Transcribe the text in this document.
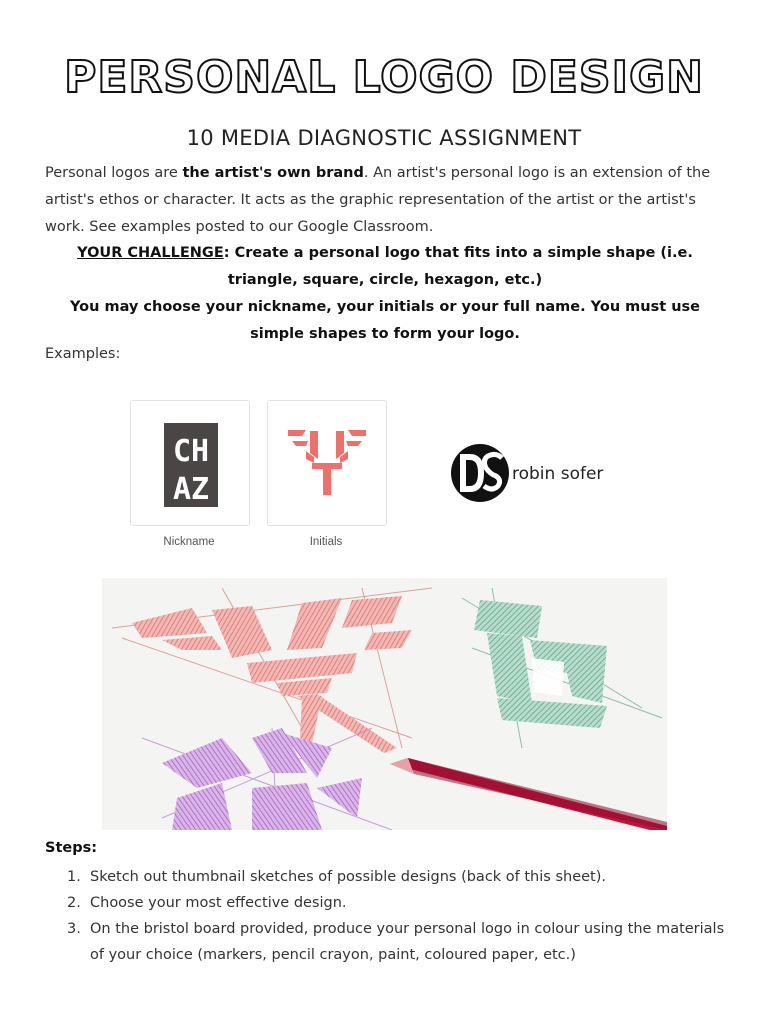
PERSONAL LOGO DESIGN
10 MEDIA DIAGNOSTIC ASSIGNMENT
Personal logos are the artist's own brand. An artist's personal logo is an extension of the artist's ethos or character. It acts as the graphic representation of the artist or the artist's work. See examples posted to our Google Classroom.
YOUR CHALLENGE: Create a personal logo that fits into a simple shape (i.e. triangle, square, circle, hexagon, etc.)
You may choose your nickname, your initials or your full name. You must use simple shapes to form your logo.
Examples:
CH
AZ
Nickname	Initials
robin sofer
Steps:
1. Sketch out thumbnail sketches of possible designs (back of this sheet).
2. Choose your most effective design.
3. On the bristol board provided, produce your personal logo in colour using the materials of your choice (markers, pencil crayon, paint, coloured paper, etc.)
